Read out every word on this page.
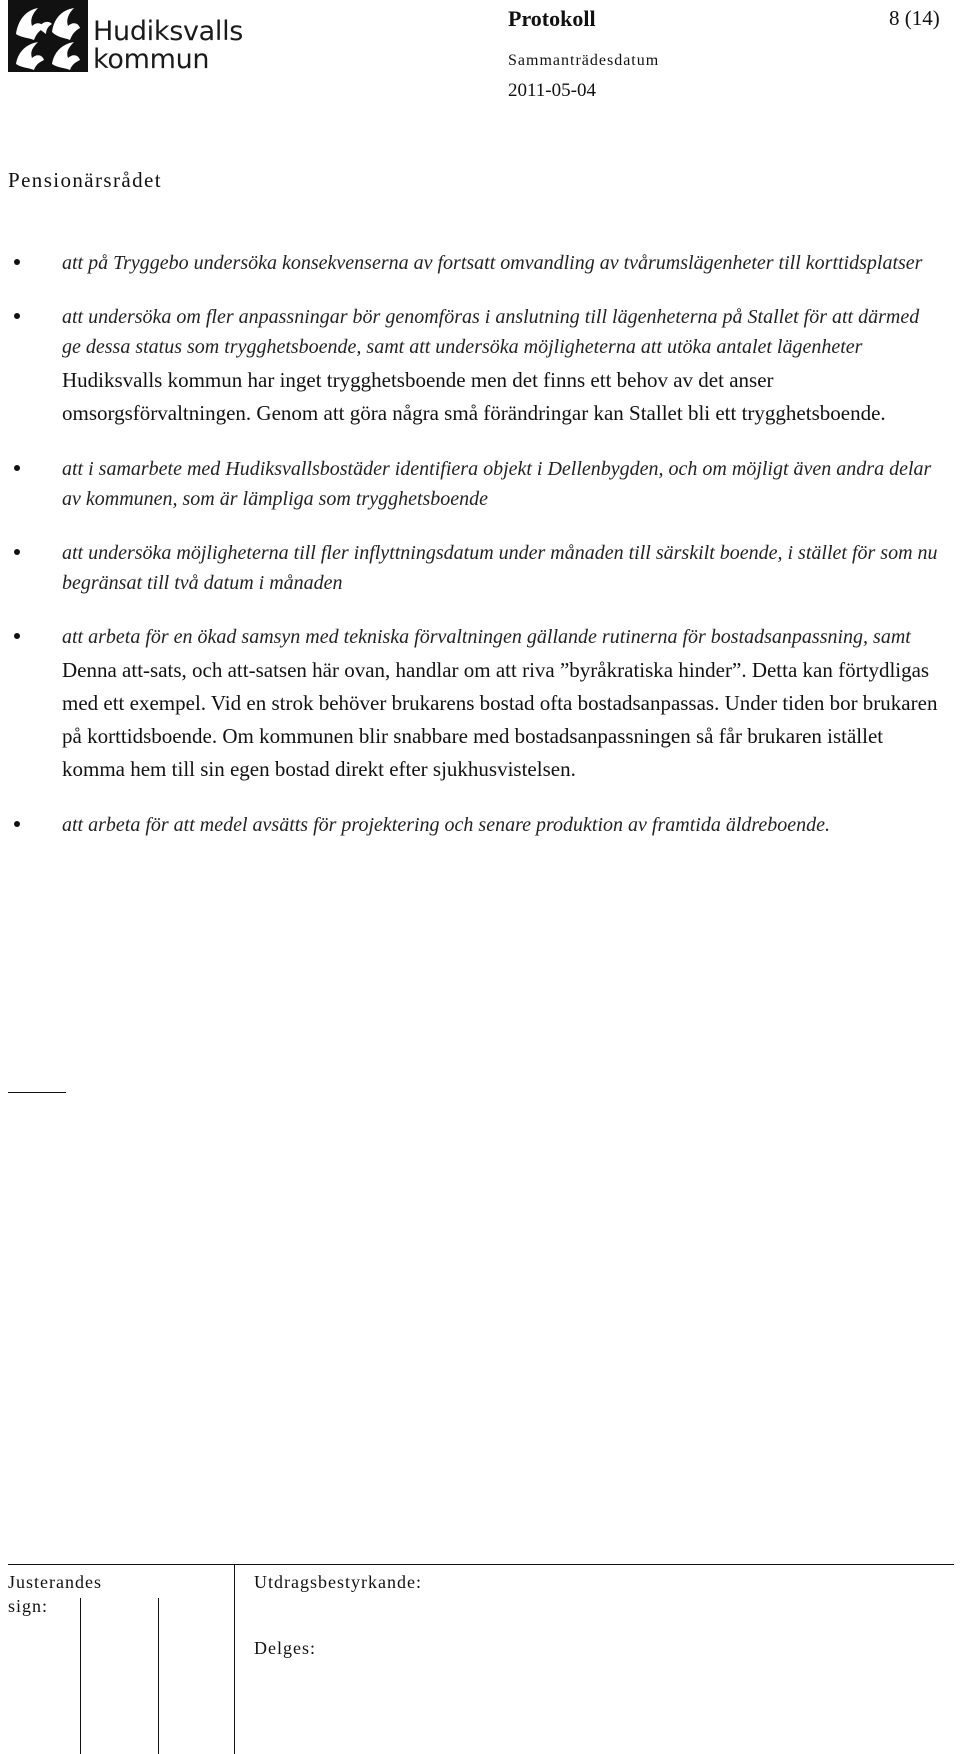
Hudiksvalls
kommun
Protokoll	8 (14)
Sammanträdesdatum
2011-05-04
Pensionärsrådet
att på Tryggebo undersöka konsekvenserna av fortsatt omvandling av tvårumslägenheter till korttidsplatser
att undersöka om fler anpassningar bör genomföras i anslutning till lägenheterna på Stallet för att därmed ge dessa status som trygghetsboende, samt att undersöka möjligheterna att utöka antalet lägenheter
Hudiksvalls kommun har inget trygghetsboende men det finns ett behov av det anser omsorgsförvaltningen. Genom att göra några små förändringar kan Stallet bli ett trygghetsboende.
att i samarbete med Hudiksvallsbostäder identifiera objekt i Dellenbygden, och om möjligt även andra delar av kommunen, som är lämpliga som trygghetsboende
att undersöka möjligheterna till fler inflyttningsdatum under månaden till särskilt boende, i stället för som nu begränsat till två datum i månaden
att arbeta för en ökad samsyn med tekniska förvaltningen gällande rutinerna för bostadsanpassning, samt
Denna att-sats, och att-satsen här ovan, handlar om att riva ”byråkratiska hinder”. Detta kan förtydligas med ett exempel. Vid en strok behöver brukarens bostad ofta bostadsanpassas. Under tiden bor brukaren på korttidsboende. Om kommunen blir snabbare med bostadsanpassningen så får brukaren istället komma hem till sin egen bostad direkt efter sjukhusvistelsen.
att arbeta för att medel avsätts för projektering och senare produktion av framtida äldreboende.
Justerandes
sign:
Utdragsbestyrkande:
Delges:
